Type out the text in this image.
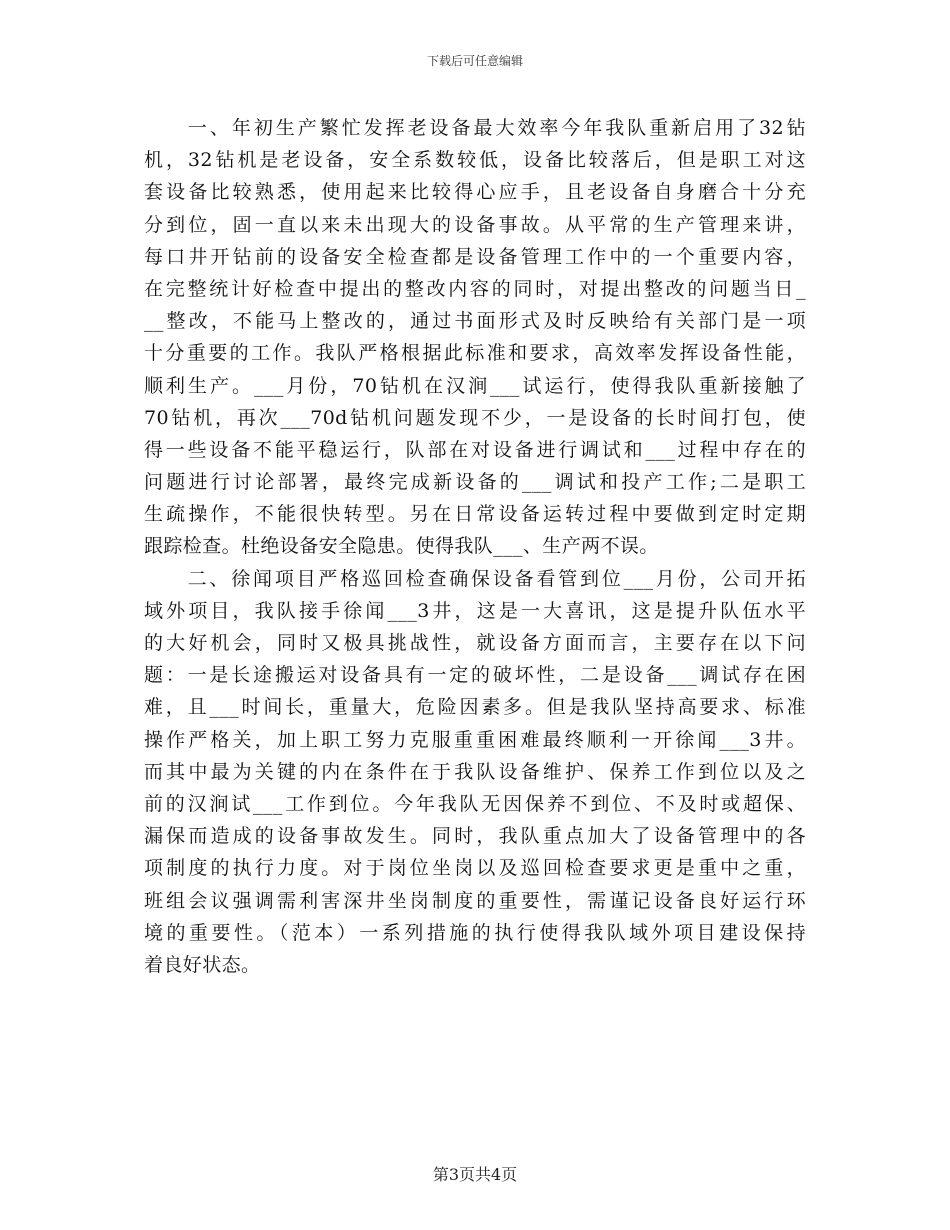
下载后可任意编辑
　　一、年初生产繁忙发挥老设备最大效率今年我队重新启用了32钻
机，32钻机是老设备，安全系数较低，设备比较落后，但是职工对这
套设备比较熟悉，使用起来比较得心应手，且老设备自身磨合十分充
分到位，固一直以来未出现大的设备事故。从平常的生产管理来讲，
每口井开钻前的设备安全检查都是设备管理工作中的一个重要内容，
在完整统计好检查中提出的整改内容的同时，对提出整改的问题当日_
__整改，不能马上整改的，通过书面形式及时反映给有关部门是一项
十分重要的工作。我队严格根据此标准和要求，高效率发挥设备性能，
顺利生产。___月份，70钻机在汉涧___试运行，使得我队重新接触了
70钻机，再次___70d钻机问题发现不少，一是设备的长时间打包，使
得一些设备不能平稳运行，队部在对设备进行调试和___过程中存在的
问题进行讨论部署，最终完成新设备的___调试和投产工作;二是职工
生疏操作，不能很快转型。另在日常设备运转过程中要做到定时定期
跟踪检查。杜绝设备安全隐患。使得我队___、生产两不误。
　　二、徐闻项目严格巡回检查确保设备看管到位___月份，公司开拓
域外项目，我队接手徐闻___3井，这是一大喜讯，这是提升队伍水平
的大好机会，同时又极具挑战性，就设备方面而言，主要存在以下问
题：一是长途搬运对设备具有一定的破坏性，二是设备___调试存在困
难，且___时间长，重量大，危险因素多。但是我队坚持高要求、标准
操作严格关，加上职工努力克服重重困难最终顺利一开徐闻___3井。
而其中最为关键的内在条件在于我队设备维护、保养工作到位以及之
前的汉涧试___工作到位。今年我队无因保养不到位、不及时或超保、
漏保而造成的设备事故发生。同时，我队重点加大了设备管理中的各
项制度的执行力度。对于岗位坐岗以及巡回检查要求更是重中之重，
班组会议强调需利害深井坐岗制度的重要性，需谨记设备良好运行环
境的重要性。（范本）一系列措施的执行使得我队域外项目建设保持
着良好状态。
第3页共4页
